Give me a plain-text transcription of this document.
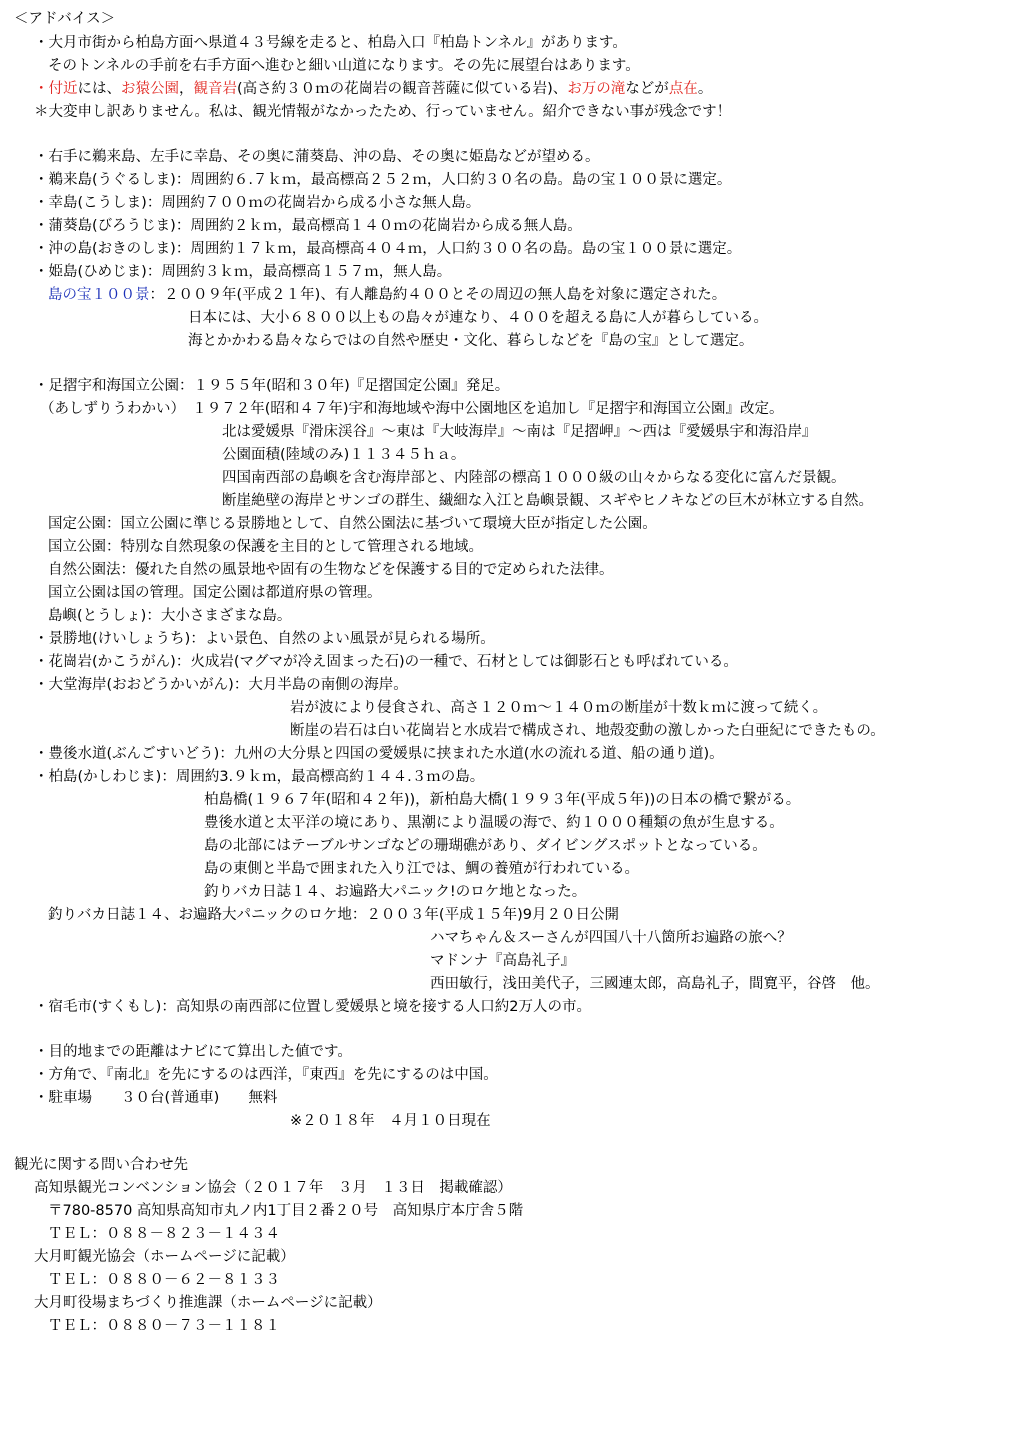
＜アドバイス＞
・大月市街から柏島方面へ県道４３号線を走ると、柏島入口『柏島トンネル』があります。
そのトンネルの手前を右手方面へ進むと細い山道になります。その先に展望台はあります。
・付近には、お猿公園，観音岩(高さ約３０ｍの花崗岩の観音菩薩に似ている岩)、お万の滝などが点在。
＊大変申し訳ありません。私は、観光情報がなかったため、行っていません。紹介できない事が残念です！
・右手に鵜来島、左手に幸島、その奥に蒲葵島、沖の島、その奥に姫島などが望める。
・鵜来島(うぐるしま)：周囲約６.７ｋｍ，最高標高２５２ｍ，人口約３０名の島。島の宝１００景に選定。
・幸島(こうしま)：周囲約７００ｍの花崗岩から成る小さな無人島。
・蒲葵島(びろうじま)：周囲約２ｋｍ，最高標高１４０ｍの花崗岩から成る無人島。
・沖の島(おきのしま)：周囲約１７ｋｍ，最高標高４０４ｍ，人口約３００名の島。島の宝１００景に選定。
・姫島(ひめじま)：周囲約３ｋｍ，最高標高１５７ｍ，無人島。
島の宝１００景：２００９年(平成２１年)、有人離島約４００とその周辺の無人島を対象に選定された。
日本には、大小６８００以上もの島々が連なり、４００を超える島に人が暮らしている。
海とかかわる島々ならではの自然や歴史・文化、暮らしなどを『島の宝』として選定。
・足摺宇和海国立公園：１９５５年(昭和３０年)『足摺国定公園』発足。
（あしずりうわかい）　１９７２年(昭和４７年)宇和海地域や海中公園地区を追加し『足摺宇和海国立公園』改定。
北は愛媛県『滑床渓谷』～東は『大岐海岸』～南は『足摺岬』～西は『愛媛県宇和海沿岸』
公園面積(陸域のみ)１１３４５ｈａ。
四国南西部の島嶼を含む海岸部と、内陸部の標高１０００級の山々からなる変化に富んだ景観。
断崖絶壁の海岸とサンゴの群生、繊細な入江と島嶼景観、スギやヒノキなどの巨木が林立する自然。
国定公園：国立公園に準じる景勝地として、自然公園法に基づいて環境大臣が指定した公園。
国立公園：特別な自然現象の保護を主目的として管理される地域。
自然公園法：優れた自然の風景地や固有の生物などを保護する目的で定められた法律。
国立公園は国の管理。国定公園は都道府県の管理。
島嶼(とうしょ)：大小さまざまな島。
・景勝地(けいしょうち)：よい景色、自然のよい風景が見られる場所。
・花崗岩(かこうがん)：火成岩(マグマが冷え固まった石)の一種で、石材としては御影石とも呼ばれている。
・大堂海岸(おおどうかいがん)：大月半島の南側の海岸。
岩が波により侵食され、高さ１２０ｍ～１４０ｍの断崖が十数ｋｍに渡って続く。
断崖の岩石は白い花崗岩と水成岩で構成され、地殻変動の激しかった白亜紀にできたもの。
・豊後水道(ぶんごすいどう)：九州の大分県と四国の愛媛県に挟まれた水道(水の流れる道、船の通り道)。
・柏島(かしわじま)：周囲約3.９ｋｍ，最高標高約１４４.３ｍの島。
柏島橋(１９６７年(昭和４２年))，新柏島大橋(１９９３年(平成５年))の日本の橋で繋がる。
豊後水道と太平洋の境にあり、黒潮により温暖の海で、約１０００種類の魚が生息する。
島の北部にはテーブルサンゴなどの珊瑚礁があり、ダイビングスポットとなっている。
島の東側と半島で囲まれた入り江では、鯛の養殖が行われている。
釣りバカ日誌１４、お遍路大パニック!のロケ地となった。
釣りバカ日誌１４、お遍路大パニックのロケ地：２００３年(平成１５年)9月２０日公開
ハマちゃん＆スーさんが四国八十八箇所お遍路の旅へ？
マドンナ『高島礼子』
西田敏行，浅田美代子，三國連太郎，高島礼子，間寛平，谷啓　他。
・宿毛市(すくもし)：高知県の南西部に位置し愛媛県と境を接する人口約2万人の市。
・目的地までの距離はナビにて算出した値です。
・方角で、『南北』を先にするのは西洋，『東西』を先にするのは中国。
・駐車場　　３０台(普通車)　　無料
※２０１８年　４月１０日現在
観光に関する問い合わせ先
高知県観光コンベンション協会（２０１７年　３月　１３日　掲載確認）
〒780-8570 高知県高知市丸ノ内1丁目２番２０号　高知県庁本庁舎５階
ＴＥＬ：０８８－８２３－１４３４
大月町観光協会（ホームページに記載）
ＴＥＬ：０８８０－６２－８１３３
大月町役場まちづくり推進課（ホームページに記載）
ＴＥＬ：０８８０－７３－１１８１
